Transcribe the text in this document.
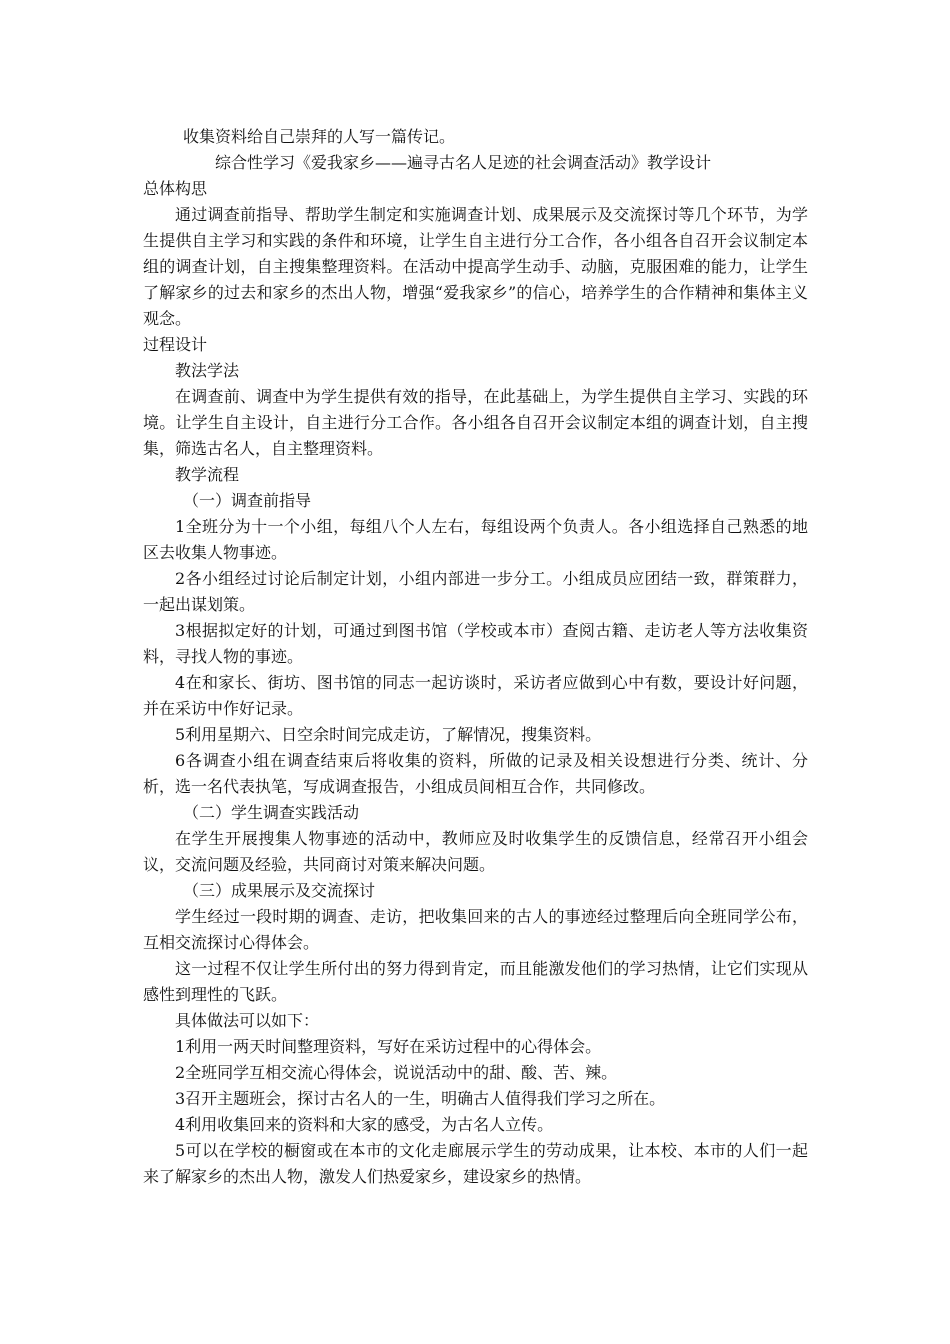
收集资料给自己崇拜的人写一篇传记。
综合性学习《爱我家乡——遍寻古名人足迹的社会调查活动》教学设计
总体构思
通过调查前指导、帮助学生制定和实施调查计划、成果展示及交流探讨等几个环节，为学生提供自主学习和实践的条件和环境，让学生自主进行分工合作，各小组各自召开会议制定本组的调查计划，自主搜集整理资料。在活动中提高学生动手、动脑，克服困难的能力，让学生了解家乡的过去和家乡的杰出人物，增强“爱我家乡”的信心，培养学生的合作精神和集体主义观念。
过程设计
教法学法
在调查前、调查中为学生提供有效的指导，在此基础上，为学生提供自主学习、实践的环境。让学生自主设计，自主进行分工合作。各小组各自召开会议制定本组的调查计划，自主搜集，筛选古名人，自主整理资料。
教学流程
（一）调查前指导
1全班分为十一个小组，每组八个人左右，每组设两个负责人。各小组选择自己熟悉的地区去收集人物事迹。
2各小组经过讨论后制定计划，小组内部进一步分工。小组成员应团结一致，群策群力，一起出谋划策。
3根据拟定好的计划，可通过到图书馆（学校或本市）查阅古籍、走访老人等方法收集资料，寻找人物的事迹。
4在和家长、街坊、图书馆的同志一起访谈时，采访者应做到心中有数，要设计好问题，并在采访中作好记录。
5利用星期六、日空余时间完成走访，了解情况，搜集资料。
6各调查小组在调查结束后将收集的资料，所做的记录及相关设想进行分类、统计、分析，选一名代表执笔，写成调查报告，小组成员间相互合作，共同修改。
（二）学生调查实践活动
在学生开展搜集人物事迹的活动中，教师应及时收集学生的反馈信息，经常召开小组会议，交流问题及经验，共同商讨对策来解决问题。
（三）成果展示及交流探讨
学生经过一段时期的调查、走访，把收集回来的古人的事迹经过整理后向全班同学公布，互相交流探讨心得体会。
这一过程不仅让学生所付出的努力得到肯定，而且能激发他们的学习热情，让它们实现从感性到理性的飞跃。
具体做法可以如下：
1利用一两天时间整理资料，写好在采访过程中的心得体会。
2全班同学互相交流心得体会，说说活动中的甜、酸、苦、辣。
3召开主题班会，探讨古名人的一生，明确古人值得我们学习之所在。
4利用收集回来的资料和大家的感受，为古名人立传。
5可以在学校的橱窗或在本市的文化走廊展示学生的劳动成果，让本校、本市的人们一起来了解家乡的杰出人物，激发人们热爱家乡，建设家乡的热情。
